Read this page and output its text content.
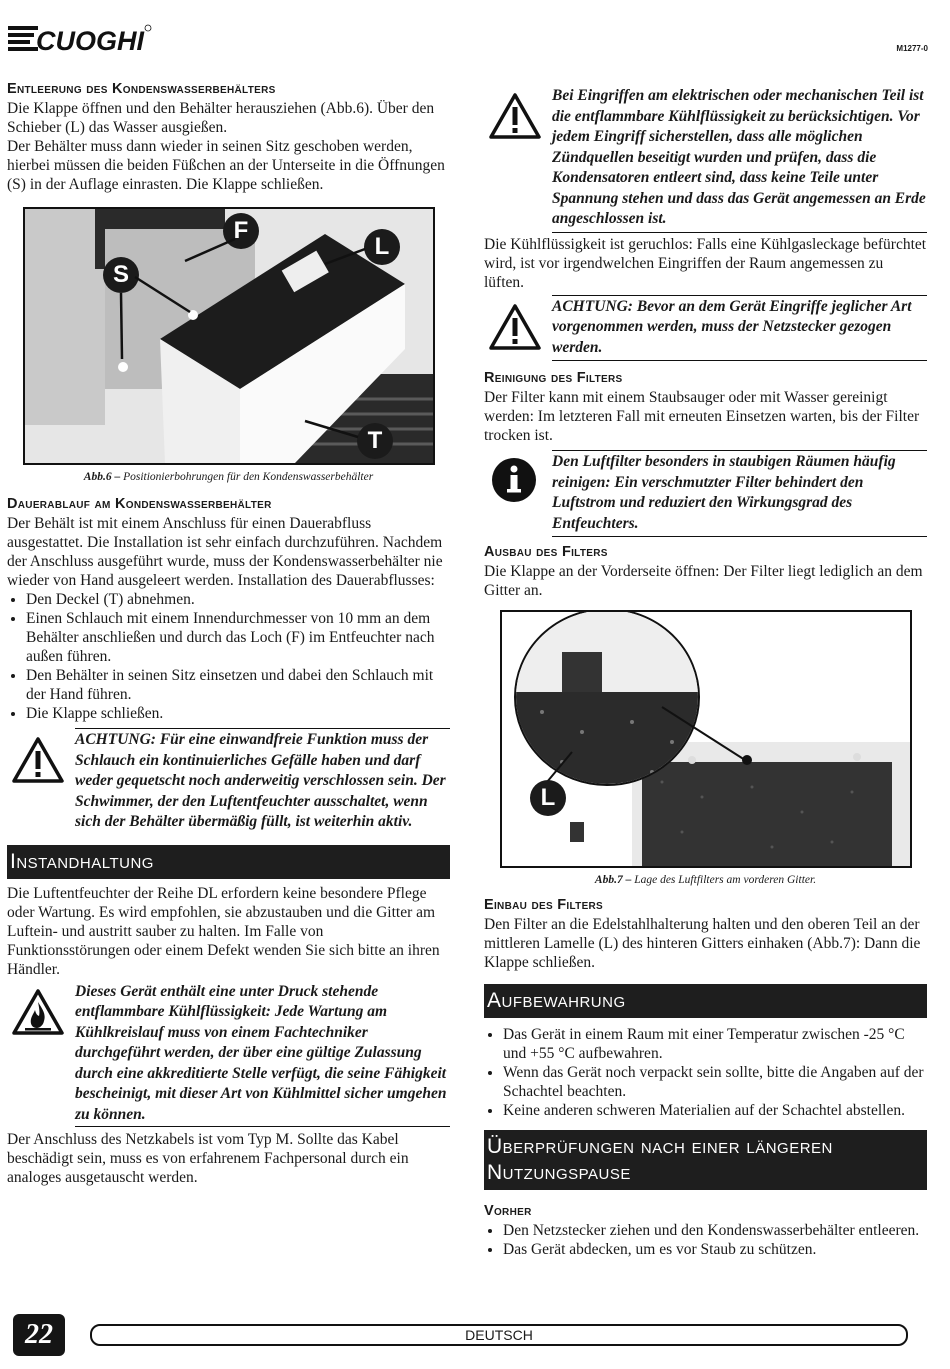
CUOGHI	M1277-0
Entleerung des Kondenswasserbehälters

Die Klappe öffnen und den Behälter herausziehen (Abb.6). Über den Schieber (L) das Wasser ausgießen.

Der Behälter muss dann wieder in seinen Sitz geschoben werden, hierbei müssen die beiden Füßchen an der Unterseite in die Öffnungen (S) in der Auflage einrasten. Die Klappe schließen.

F
L
S
T
Abb.6 – Positionierbohrungen für den Kondenswasserbehälter
Dauerablauf am Kondenswasserbehälter

Der Behält ist mit einem Anschluss für einen Dauerabfluss ausgestattet. Die Installation ist sehr einfach durchzuführen. Nachdem der Anschluss ausgeführt wurde, muss der Kondenswasserbehälter nie wieder von Hand ausgeleert werden. Installation des Dauerabflusses:

• Den Deckel (T) abnehmen.
• Einen Schlauch mit einem Innendurchmesser von 10 mm an dem Behälter anschließen und durch das Loch (F) im Entfeuchter nach außen führen.
• Den Behälter in seinen Sitz einsetzen und dabei den Schlauch mit der Hand führen.
• Die Klappe schließen.
ACHTUNG: Für eine einwandfreie Funktion muss der Schlauch ein kontinuierliches Gefälle haben und darf weder gequetscht noch anderweitig verschlossen sein. Der Schwimmer, der den Luftentfeuchter ausschaltet, wenn sich der Behälter übermäßig füllt, ist weiterhin aktiv.
Instandhaltung

Die Luftentfeuchter der Reihe DL erfordern keine besondere Pflege oder Wartung. Es wird empfohlen, sie abzustauben und die Gitter am Luftein- und austritt sauber zu halten. Im Falle von Funktionsstörungen oder einem Defekt wenden Sie sich bitte an ihren Händler.

Dieses Gerät enthält eine unter Druck stehende entflammbare Kühlflüssigkeit: Jede Wartung am Kühlkreislauf muss von einem Fachtechniker durchgeführt werden, der über eine gültige Zulassung durch eine akkreditierte Stelle verfügt, die seine Fähigkeit bescheinigt, mit dieser Art von Kühlmittel sicher umgehen zu können.

Der Anschluss des Netzkabels ist vom Typ M. Sollte das Kabel beschädigt sein, muss es von erfahrenem Fachpersonal durch ein analoges ausgetauscht werden.

Bei Eingriffen am elektrischen oder mechanischen Teil ist die entflammbare Kühlflüssigkeit zu berücksichtigen. Vor jedem Eingriff sicherstellen, dass alle möglichen Zündquellen beseitigt wurden und prüfen, dass die Kondensatoren entleert sind, dass keine Teile unter Spannung stehen und dass das Gerät angemessen an Erde angeschlossen ist.

Die Kühlflüssigkeit ist geruchlos: Falls eine Kühlgasleckage befürchtet wird, ist vor irgendwelchen Eingriffen der Raum angemessen zu lüften.

ACHTUNG: Bevor an dem Gerät Eingriffe jeglicher Art vorgenommen werden, muss der Netzstecker gezogen werden.
Reinigung des Filters

Der Filter kann mit einem Staubsauger oder mit Wasser gereinigt werden: Im letzteren Fall mit erneuten Einsetzen warten, bis der Filter trocken ist.

Den Luftfilter besonders in staubigen Räumen häufig reinigen: Ein verschmutzter Filter behindert den Luftstrom und reduziert den Wirkungsgrad des Entfeuchters.
Ausbau des Filters

Die Klappe an der Vorderseite öffnen: Der Filter liegt lediglich an dem Gitter an.

L
Abb.7 – Lage des Luftfilters am vorderen Gitter.
Einbau des Filters

Den Filter an die Edelstahlhalterung halten und den oberen Teil an der mittleren Lamelle (L) des hinteren Gitters einhaken (Abb.7): Dann die Klappe schließen.

Aufbewahrung
• Das Gerät in einem Raum mit einer Temperatur zwischen -25 °C und +55 °C aufbewahren.
• Wenn das Gerät noch verpackt sein sollte, bitte die Angaben auf der Schachtel beachten.
• Keine anderen schweren Materialien auf der Schachtel abstellen.
Überprüfungen nach einer längeren Nutzungspause
Vorher
• Den Netzstecker ziehen und den Kondenswasserbehälter entleeren.
• Das Gerät abdecken, um es vor Staub zu schützen.
22	DEUTSCH
